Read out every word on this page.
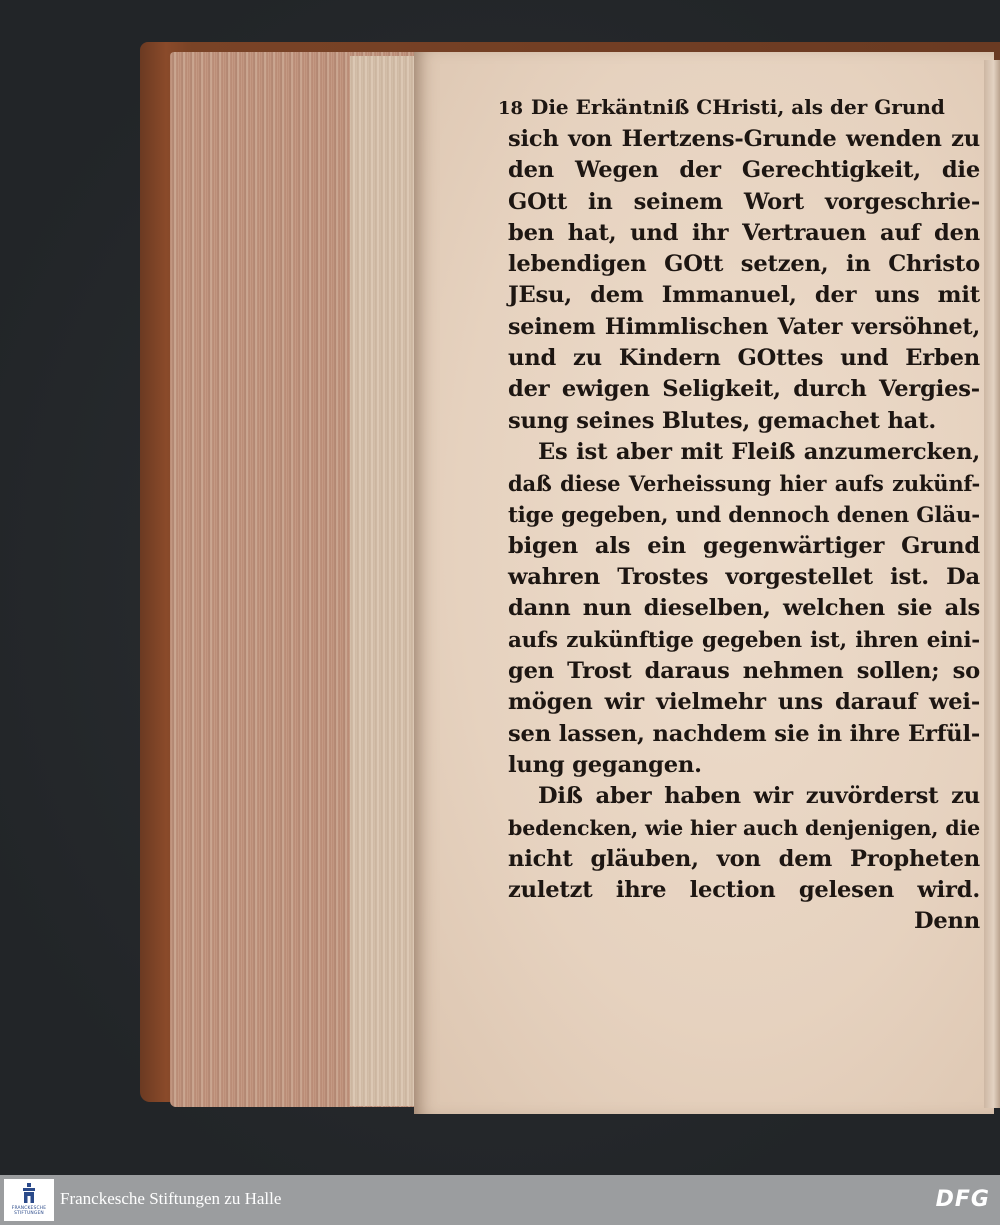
18 Die Erkäntniß CHristi, als der Grund
sich von Hertzens-Grunde wenden zu
den Wegen der Gerechtigkeit, die
GOtt in seinem Wort vorgeschrie-
ben hat, und ihr Vertrauen auf den
lebendigen GOtt setzen, in Christo
JEsu, dem Immanuel, der uns mit
seinem Himmlischen Vater versöhnet,
und zu Kindern GOttes und Erben
der ewigen Seligkeit, durch Vergies-
sung seines Blutes, gemachet hat.
Es ist aber mit Fleiß anzumercken,
daß diese Verheissung hier aufs zukünf-
tige gegeben, und dennoch denen Gläu-
bigen als ein gegenwärtiger Grund
wahren Trostes vorgestellet ist. Da
dann nun dieselben, welchen sie als
aufs zukünftige gegeben ist, ihren eini-
gen Trost daraus nehmen sollen; so
mögen wir vielmehr uns darauf wei-
sen lassen, nachdem sie in ihre Erfül-
lung gegangen.
Diß aber haben wir zuvörderst zu
bedencken, wie hier auch denjenigen, die
nicht gläuben, von dem Propheten
zuletzt ihre lection gelesen wird.
Denn
FRANCKESCHE STIFTUNGEN
Franckesche Stiftungen zu Halle	DFG
